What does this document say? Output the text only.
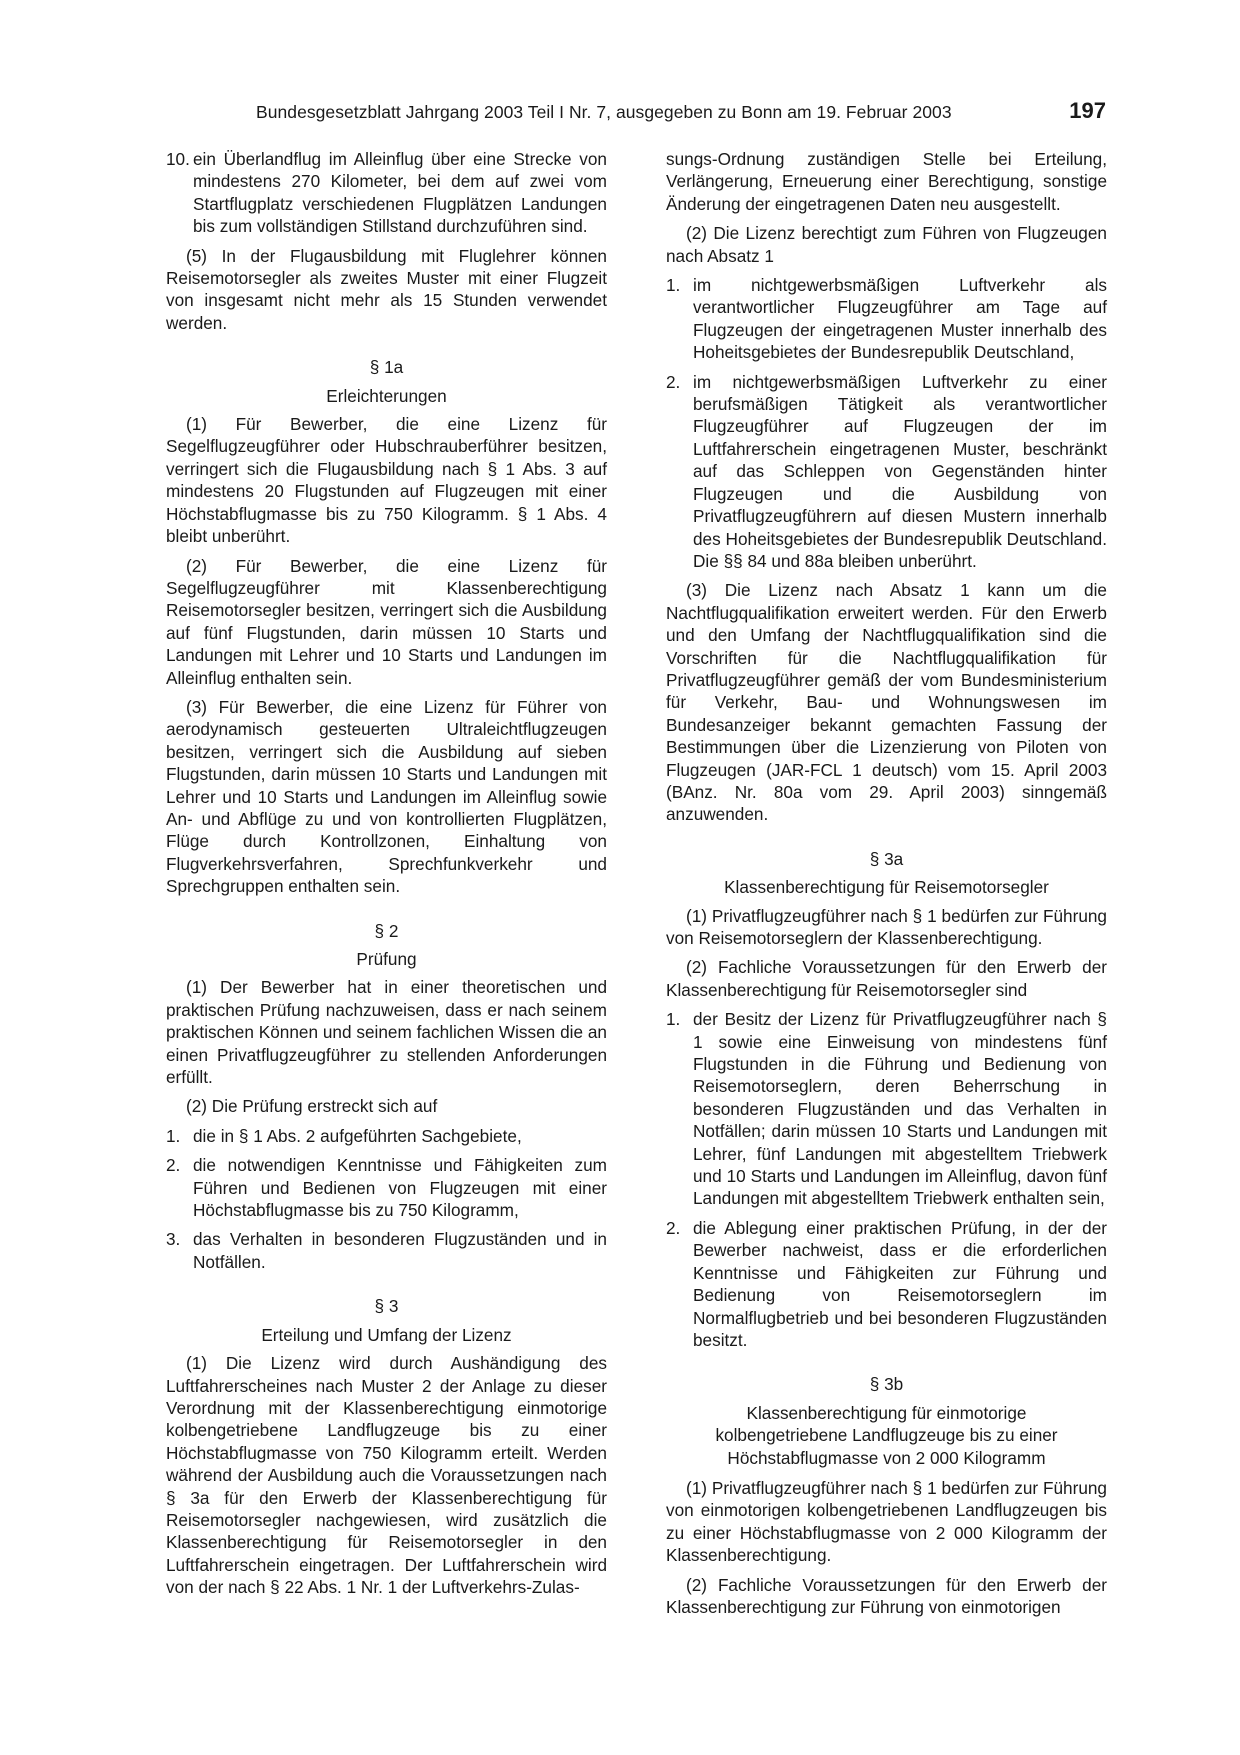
Bundesgesetzblatt Jahrgang 2003 Teil I Nr. 7, ausgegeben zu Bonn am 19. Februar 2003	197
10. ein Überlandflug im Alleinflug über eine Strecke von mindestens 270 Kilometer, bei dem auf zwei vom Startflugplatz verschiedenen Flugplätzen Landungen bis zum vollständigen Stillstand durchzuführen sind.

(5) In der Flugausbildung mit Fluglehrer können Reisemotorsegler als zweites Muster mit einer Flugzeit von insgesamt nicht mehr als 15 Stunden verwendet werden.

§ 1a
Erleichterungen

(1) Für Bewerber, die eine Lizenz für Segelflugzeugführer oder Hubschrauberführer besitzen, verringert sich die Flugausbildung nach § 1 Abs. 3 auf mindestens 20 Flugstunden auf Flugzeugen mit einer Höchstabflugmasse bis zu 750 Kilogramm. § 1 Abs. 4 bleibt unberührt.

(2) Für Bewerber, die eine Lizenz für Segelflugzeugführer mit Klassenberechtigung Reisemotorsegler besitzen, verringert sich die Ausbildung auf fünf Flugstunden, darin müssen 10 Starts und Landungen mit Lehrer und 10 Starts und Landungen im Alleinflug enthalten sein.

(3) Für Bewerber, die eine Lizenz für Führer von aerodynamisch gesteuerten Ultraleichtflugzeugen besitzen, verringert sich die Ausbildung auf sieben Flugstunden, darin müssen 10 Starts und Landungen mit Lehrer und 10 Starts und Landungen im Alleinflug sowie An- und Abflüge zu und von kontrollierten Flugplätzen, Flüge durch Kontrollzonen, Einhaltung von Flugverkehrsverfahren, Sprechfunkverkehr und Sprechgruppen enthalten sein.

§ 2
Prüfung

(1) Der Bewerber hat in einer theoretischen und praktischen Prüfung nachzuweisen, dass er nach seinem praktischen Können und seinem fachlichen Wissen die an einen Privatflugzeugführer zu stellenden Anforderungen erfüllt.

(2) Die Prüfung erstreckt sich auf

1. die in § 1 Abs. 2 aufgeführten Sachgebiete,
2. die notwendigen Kenntnisse und Fähigkeiten zum Führen und Bedienen von Flugzeugen mit einer Höchstabflugmasse bis zu 750 Kilogramm,
3. das Verhalten in besonderen Flugzuständen und in Notfällen.
§ 3
Erteilung und Umfang der Lizenz

(1) Die Lizenz wird durch Aushändigung des Luftfahrerscheines nach Muster 2 der Anlage zu dieser Verordnung mit der Klassenberechtigung einmotorige kolbengetriebene Landflugzeuge bis zu einer Höchstabflugmasse von 750 Kilogramm erteilt. Werden während der Ausbildung auch die Voraussetzungen nach § 3a für den Erwerb der Klassenberechtigung für Reisemotorsegler nachgewiesen, wird zusätzlich die Klassenberechtigung für Reisemotorsegler in den Luftfahrerschein eingetragen. Der Luftfahrerschein wird von der nach § 22 Abs. 1 Nr. 1 der Luftverkehrs-Zulas-

sungs-Ordnung zuständigen Stelle bei Erteilung, Verlängerung, Erneuerung einer Berechtigung, sonstige Änderung der eingetragenen Daten neu ausgestellt.

(2) Die Lizenz berechtigt zum Führen von Flugzeugen nach Absatz 1

1. im nichtgewerbsmäßigen Luftverkehr als verantwortlicher Flugzeugführer am Tage auf Flugzeugen der eingetragenen Muster innerhalb des Hoheitsgebietes der Bundesrepublik Deutschland,
2. im nichtgewerbsmäßigen Luftverkehr zu einer berufsmäßigen Tätigkeit als verantwortlicher Flugzeugführer auf Flugzeugen der im Luftfahrerschein eingetragenen Muster, beschränkt auf das Schleppen von Gegenständen hinter Flugzeugen und die Ausbildung von Privatflugzeugführern auf diesen Mustern innerhalb des Hoheitsgebietes der Bundesrepublik Deutschland. Die §§ 84 und 88a bleiben unberührt.

(3) Die Lizenz nach Absatz 1 kann um die Nachtflugqualifikation erweitert werden. Für den Erwerb und den Umfang der Nachtflugqualifikation sind die Vorschriften für die Nachtflugqualifikation für Privatflugzeugführer gemäß der vom Bundesministerium für Verkehr, Bau- und Wohnungswesen im Bundesanzeiger bekannt gemachten Fassung der Bestimmungen über die Lizenzierung von Piloten von Flugzeugen (JAR-FCL 1 deutsch) vom 15. April 2003 (BAnz. Nr. 80a vom 29. April 2003) sinngemäß anzuwenden.

§ 3a
Klassenberechtigung für Reisemotorsegler

(1) Privatflugzeugführer nach § 1 bedürfen zur Führung von Reisemotorseglern der Klassenberechtigung.

(2) Fachliche Voraussetzungen für den Erwerb der Klassenberechtigung für Reisemotorsegler sind

1. der Besitz der Lizenz für Privatflugzeugführer nach § 1 sowie eine Einweisung von mindestens fünf Flugstunden in die Führung und Bedienung von Reisemotorseglern, deren Beherrschung in besonderen Flugzuständen und das Verhalten in Notfällen; darin müssen 10 Starts und Landungen mit Lehrer, fünf Landungen mit abgestelltem Triebwerk und 10 Starts und Landungen im Alleinflug, davon fünf Landungen mit abgestelltem Triebwerk enthalten sein,
2. die Ablegung einer praktischen Prüfung, in der der Bewerber nachweist, dass er die erforderlichen Kenntnisse und Fähigkeiten zur Führung und Bedienung von Reisemotorseglern im Normalflugbetrieb und bei besonderen Flugzuständen besitzt.
§ 3b
Klassenberechtigung für einmotorige
kolbengetriebene Landflugzeuge bis zu einer
Höchstabflugmasse von 2 000 Kilogramm

(1) Privatflugzeugführer nach § 1 bedürfen zur Führung von einmotorigen kolbengetriebenen Landflugzeugen bis zu einer Höchstabflugmasse von 2 000 Kilogramm der Klassenberechtigung.

(2) Fachliche Voraussetzungen für den Erwerb der Klassenberechtigung zur Führung von einmotorigen
